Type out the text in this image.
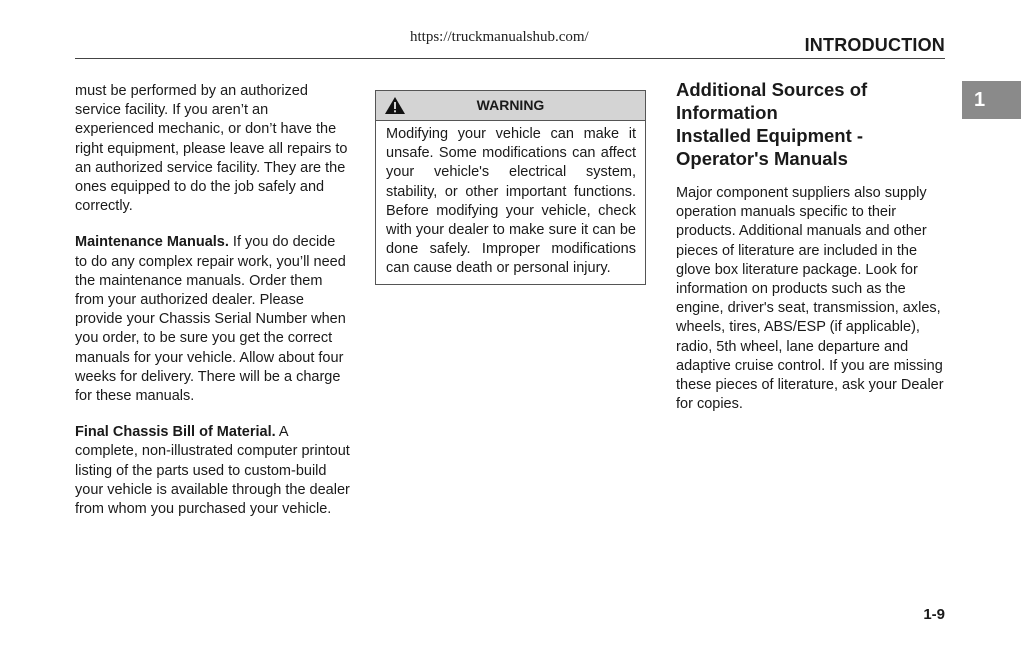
https://truckmanualshub.com/	INTRODUCTION
1

must be performed by an authorized service facility. If you aren’t an experienced mechanic, or don’t have the right equipment, please leave all repairs to an authorized service facility. They are the ones equipped to do the job safely and correctly.

Maintenance Manuals. If you do decide to do any complex repair work, you’ll need the maintenance manuals. Order them from your authorized dealer. Please provide your Chassis Serial Number when you order, to be sure you get the correct manuals for your vehicle. Allow about four weeks for delivery. There will be a charge for these manuals.

Final Chassis Bill of Material. A complete, non-illustrated computer printout listing of the parts used to custom-build your vehicle is available through the dealer from whom you purchased your vehicle.

WARNING
Modifying your vehicle can make it unsafe. Some modifications can affect your vehicle's electrical system, stability, or other important functions. Before modifying your vehicle, check with your dealer to make sure it can be done safely. Improper modifications can cause death or personal injury.
Additional Sources of Information
Installed Equipment - Operator's Manuals

Major component suppliers also supply operation manuals specific to their products. Additional manuals and other pieces of literature are included in the glove box literature package. Look for information on products such as the engine, driver's seat, transmission, axles, wheels, tires, ABS/ESP (if applicable), radio, 5th wheel, lane departure and adaptive cruise control. If you are missing these pieces of literature, ask your Dealer for copies.

1-9
